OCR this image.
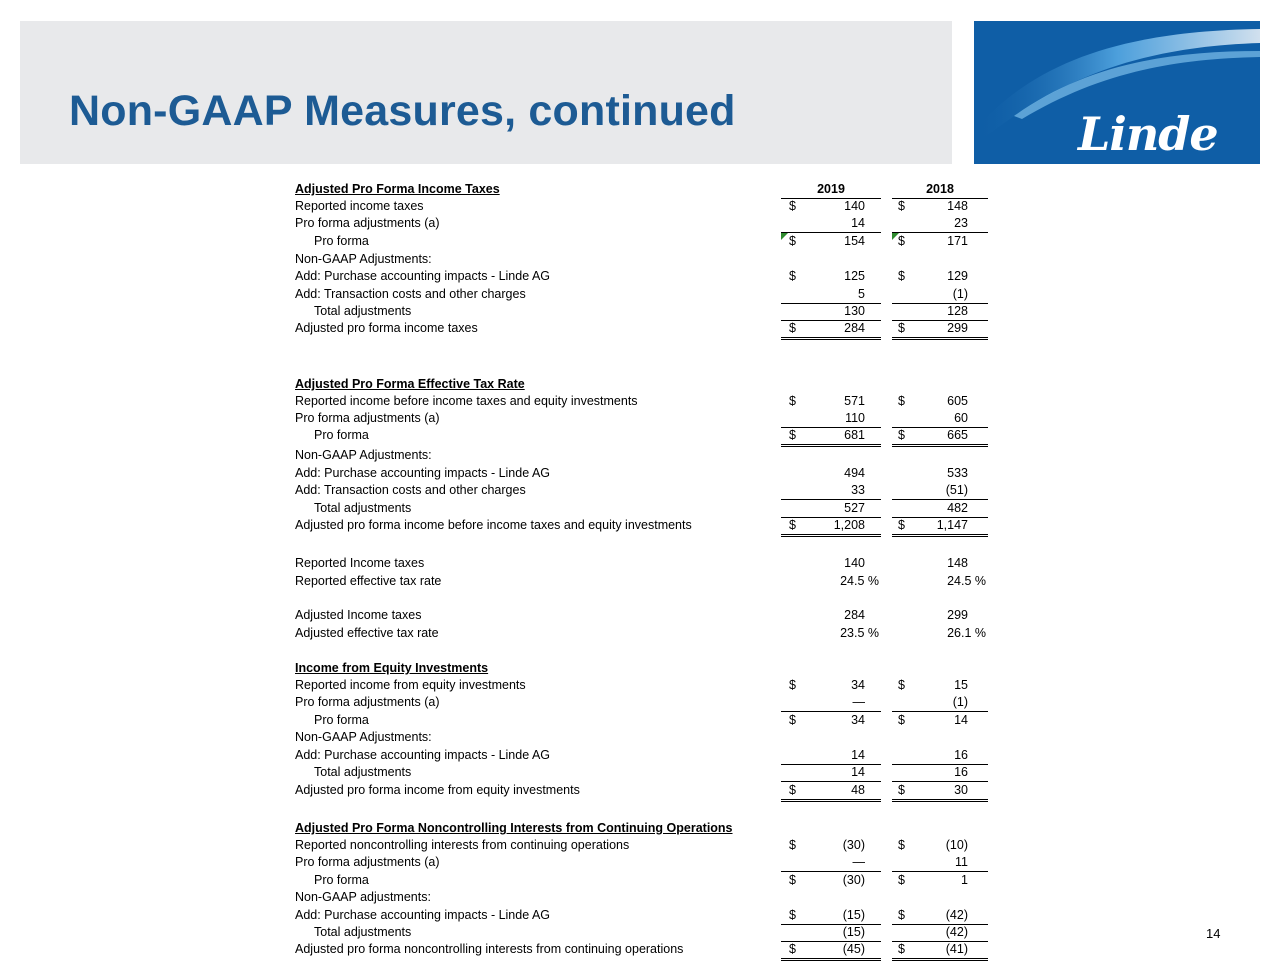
Non-GAAP Measures, continued	Linde
Adjusted Pro Forma Income Taxes	2019	2018
Reported income taxes	$	140	$	148
Pro forma adjustments (a)	14	23
Pro forma	$	154	$	171
Non-GAAP Adjustments:
Add: Purchase accounting impacts - Linde AG	$	125	$	129
Add: Transaction costs and other charges	5	(1)
Total adjustments	130	128
Adjusted pro forma income taxes	$	284	$	299
Adjusted Pro Forma Effective Tax Rate
Reported income before income taxes and equity investments	$	571	$	605
Pro forma adjustments (a)	110	60
Pro forma	$	681	$	665
Non-GAAP Adjustments:
Add: Purchase accounting impacts - Linde AG	494	533
Add: Transaction costs and other charges	33	(51)
Total adjustments	527	482
Adjusted pro forma income before income taxes and equity investments	$	1,208	$	1,147
Reported Income taxes	140	148
Reported effective tax rate	24.5 %	24.5 %
Adjusted Income taxes	284	299
Adjusted effective tax rate	23.5 %	26.1 %
Income from Equity Investments
Reported income from equity investments	$	34	$	15
Pro forma adjustments (a)	—	(1)
Pro forma	$	34	$	14
Non-GAAP Adjustments:
Add: Purchase accounting impacts - Linde AG	14	16
Total adjustments	14	16
Adjusted pro forma income from equity investments	$	48	$	30
Adjusted Pro Forma Noncontrolling Interests from Continuing Operations
Reported noncontrolling interests from continuing operations	$	(30)	$	(10)
Pro forma adjustments (a)	—	11
Pro forma	$	(30)	$	1
Non-GAAP adjustments:
Add: Purchase accounting impacts - Linde AG	$	(15)	$	(42)
Total adjustments	(15)	(42)
Adjusted pro forma noncontrolling interests from continuing operations	$	(45)	$	(41)
14
